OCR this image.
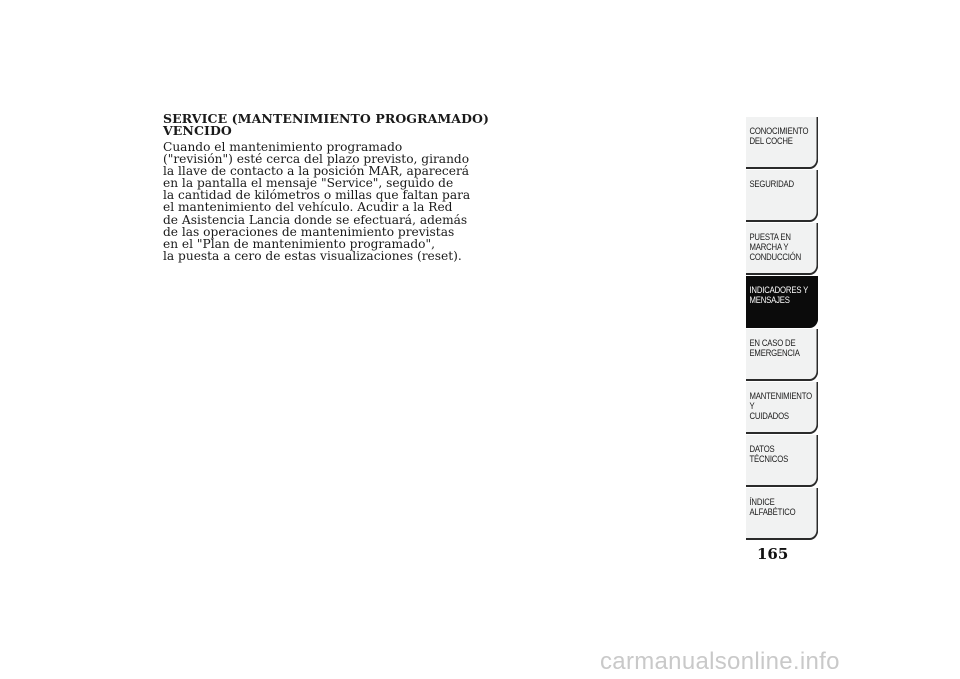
SERVICE (MANTENIMIENTO PROGRAMADO)
VENCIDO
Cuando el mantenimiento programado
("revisión") esté cerca del plazo previsto, girando
la llave de contacto a la posición MAR, aparecerá
en la pantalla el mensaje "Service", seguido de
la cantidad de kilómetros o millas que faltan para
el mantenimiento del vehículo. Acudir a la Red
de Asistencia Lancia donde se efectuará, además
de las operaciones de mantenimiento previstas
en el "Plan de mantenimiento programado",
la puesta a cero de estas visualizaciones (reset).
CONOCIMIENTO
DEL COCHE
SEGURIDAD
PUESTA EN
MARCHA Y
CONDUCCIÓN
INDICADORES Y
MENSAJES
EN CASO DE
EMERGENCIA
MANTENIMIENTO Y
CUIDADOS
DATOS TÉCNICOS
ÍNDICE
ALFABÉTICO
165
carmanualsonline.info
